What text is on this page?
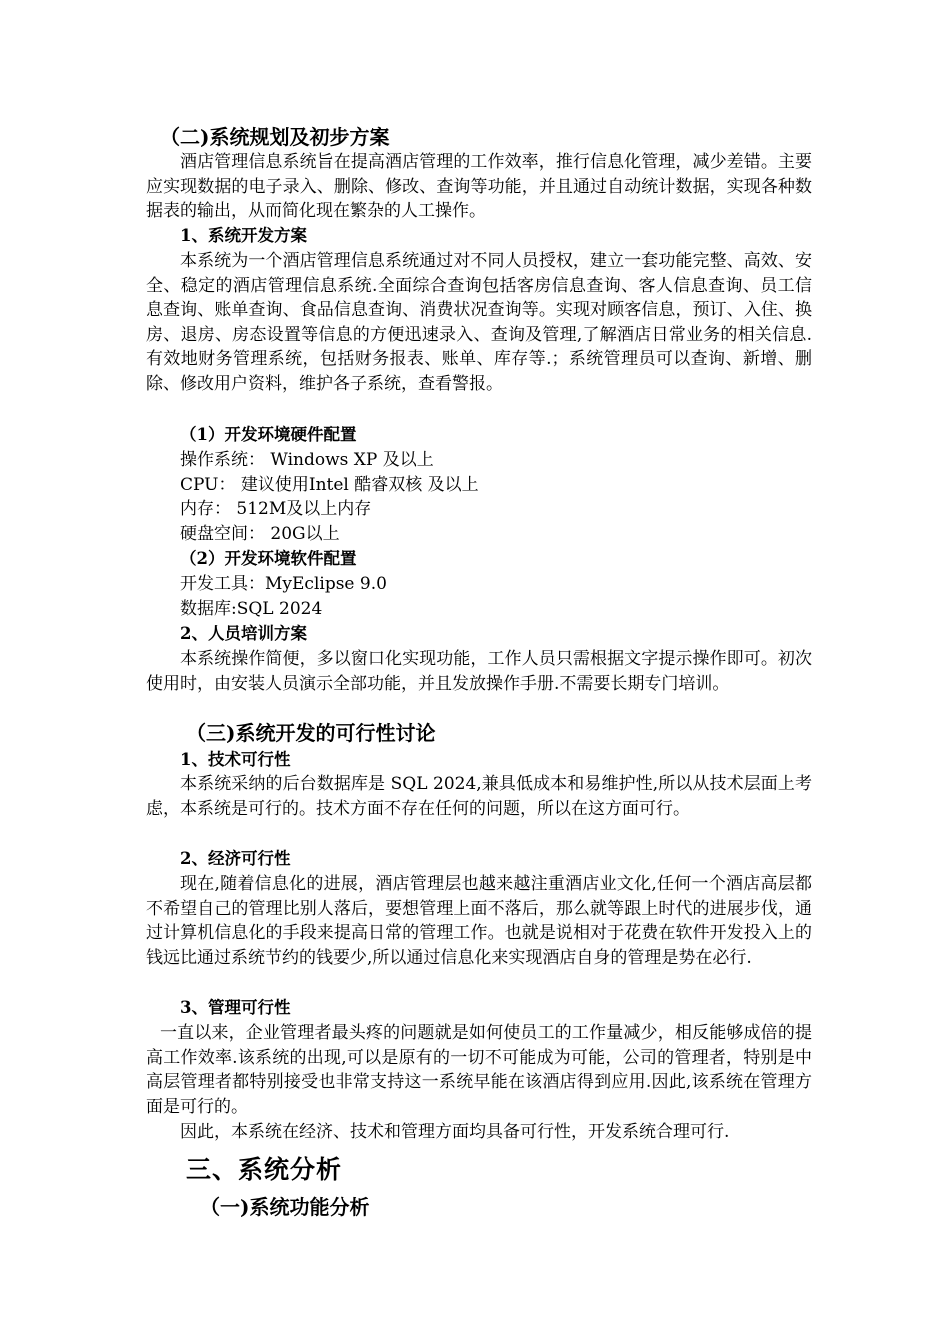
（二)系统规划及初步方案

酒店管理信息系统旨在提高酒店管理的工作效率，推行信息化管理，减少差错。主要应实现数据的电子录入、删除、修改、查询等功能，并且通过自动统计数据，实现各种数据表的输出，从而简化现在繁杂的人工操作。

1、系统开发方案

本系统为一个酒店管理信息系统通过对不同人员授权，建立一套功能完整、高效、安全、稳定的酒店管理信息系统.全面综合查询包括客房信息查询、客人信息查询、员工信息查询、账单查询、食品信息查询、消费状况查询等。实现对顾客信息，预订、入住、换房、退房、房态设置等信息的方便迅速录入、查询及管理,了解酒店日常业务的相关信息.有效地财务管理系统，包括财务报表、账单、库存等.；系统管理员可以查询、新增、删除、修改用户资料，维护各子系统，查看警报。

（1）开发环境硬件配置

操作系统： Windows XP 及以上

CPU： 建议使用Intel 酷睿双核 及以上

内存： 512M及以上内存

硬盘空间： 20G以上

（2）开发环境软件配置

开发工具：MyEclipse 9.0

数据库:SQL 2024

2、人员培训方案

本系统操作简便，多以窗口化实现功能，工作人员只需根据文字提示操作即可。初次使用时，由安装人员演示全部功能，并且发放操作手册.不需要长期专门培训。

（三)系统开发的可行性讨论
1、技术可行性

本系统采纳的后台数据库是 SQL 2024,兼具低成本和易维护性,所以从技术层面上考虑，本系统是可行的。技术方面不存在任何的问题，所以在这方面可行。

2、经济可行性

现在,随着信息化的进展，酒店管理层也越来越注重酒店业文化,任何一个酒店高层都不希望自己的管理比别人落后，要想管理上面不落后，那么就等跟上时代的进展步伐，通过计算机信息化的手段来提高日常的管理工作。也就是说相对于花费在软件开发投入上的钱远比通过系统节约的钱要少,所以通过信息化来实现酒店自身的管理是势在必行.

3、管理可行性

一直以来，企业管理者最头疼的问题就是如何使员工的工作量减少，相反能够成倍的提高工作效率.该系统的出现,可以是原有的一切不可能成为可能，公司的管理者，特别是中高层管理者都特别接受也非常支持这一系统早能在该酒店得到应用.因此,该系统在管理方面是可行的。

因此，本系统在经济、技术和管理方面均具备可行性，开发系统合理可行.

三、系统分析
（一)系统功能分析
